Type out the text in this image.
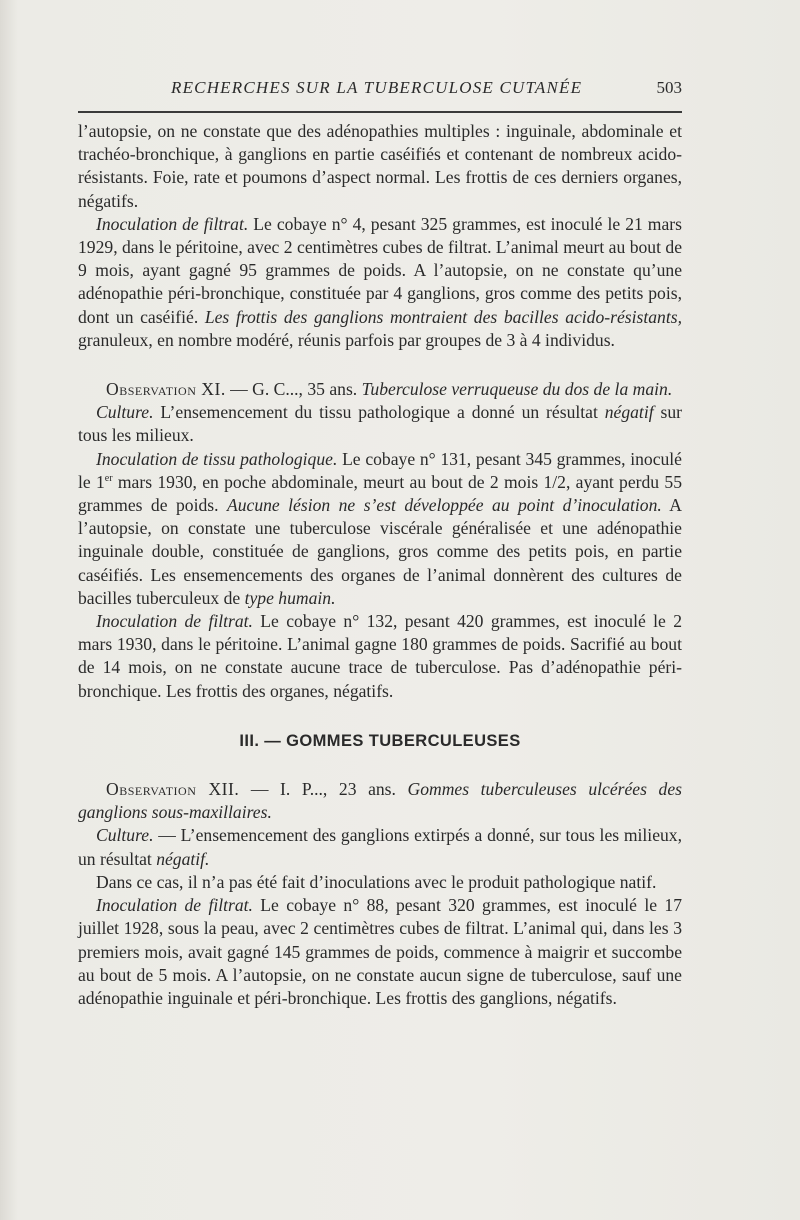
RECHERCHES SUR LA TUBERCULOSE CUTANÉE	503

l’autopsie, on ne constate que des adénopathies multiples : inguinale, abdominale et trachéo-bronchique, à ganglions en partie caséifiés et contenant de nombreux acido-résistants. Foie, rate et poumons d’aspect normal. Les frottis de ces derniers organes, négatifs.

Inoculation de filtrat. Le cobaye n° 4, pesant 325 grammes, est inoculé le 21 mars 1929, dans le péritoine, avec 2 centimètres cubes de filtrat. L’animal meurt au bout de 9 mois, ayant gagné 95 grammes de poids. A l’autopsie, on ne constate qu’une adénopathie péri-bronchique, constituée par 4 ganglions, gros comme des petits pois, dont un caséifié. Les frottis des ganglions montraient des bacilles acido-résistants, granuleux, en nombre modéré, réunis parfois par groupes de 3 à 4 individus.

Observation XI. — G. C..., 35 ans. Tuberculose verruqueuse du dos de la main.

Culture. L’ensemencement du tissu pathologique a donné un résultat négatif sur tous les milieux.

Inoculation de tissu pathologique. Le cobaye n° 131, pesant 345 grammes, inoculé le 1er mars 1930, en poche abdominale, meurt au bout de 2 mois 1/2, ayant perdu 55 grammes de poids. Aucune lésion ne s’est développée au point d’inoculation. A l’autopsie, on constate une tuberculose viscérale généralisée et une adénopathie inguinale double, constituée de ganglions, gros comme des petits pois, en partie caséifiés. Les ensemencements des organes de l’animal donnèrent des cultures de bacilles tuberculeux de type humain.

Inoculation de filtrat. Le cobaye n° 132, pesant 420 grammes, est inoculé le 2 mars 1930, dans le péritoine. L’animal gagne 180 grammes de poids. Sacrifié au bout de 14 mois, on ne constate aucune trace de tuberculose. Pas d’adénopathie péri-bronchique. Les frottis des organes, négatifs.

III. — GOMMES TUBERCULEUSES

Observation XII. — I. P..., 23 ans. Gommes tuberculeuses ulcérées des ganglions sous-maxillaires.

Culture. — L’ensemencement des ganglions extirpés a donné, sur tous les milieux, un résultat négatif.

Dans ce cas, il n’a pas été fait d’inoculations avec le produit pathologique natif.

Inoculation de filtrat. Le cobaye n° 88, pesant 320 grammes, est inoculé le 17 juillet 1928, sous la peau, avec 2 centimètres cubes de filtrat. L’animal qui, dans les 3 premiers mois, avait gagné 145 grammes de poids, commence à maigrir et succombe au bout de 5 mois. A l’autopsie, on ne constate aucun signe de tuberculose, sauf une adénopathie inguinale et péri-bronchique. Les frottis des ganglions, négatifs.
